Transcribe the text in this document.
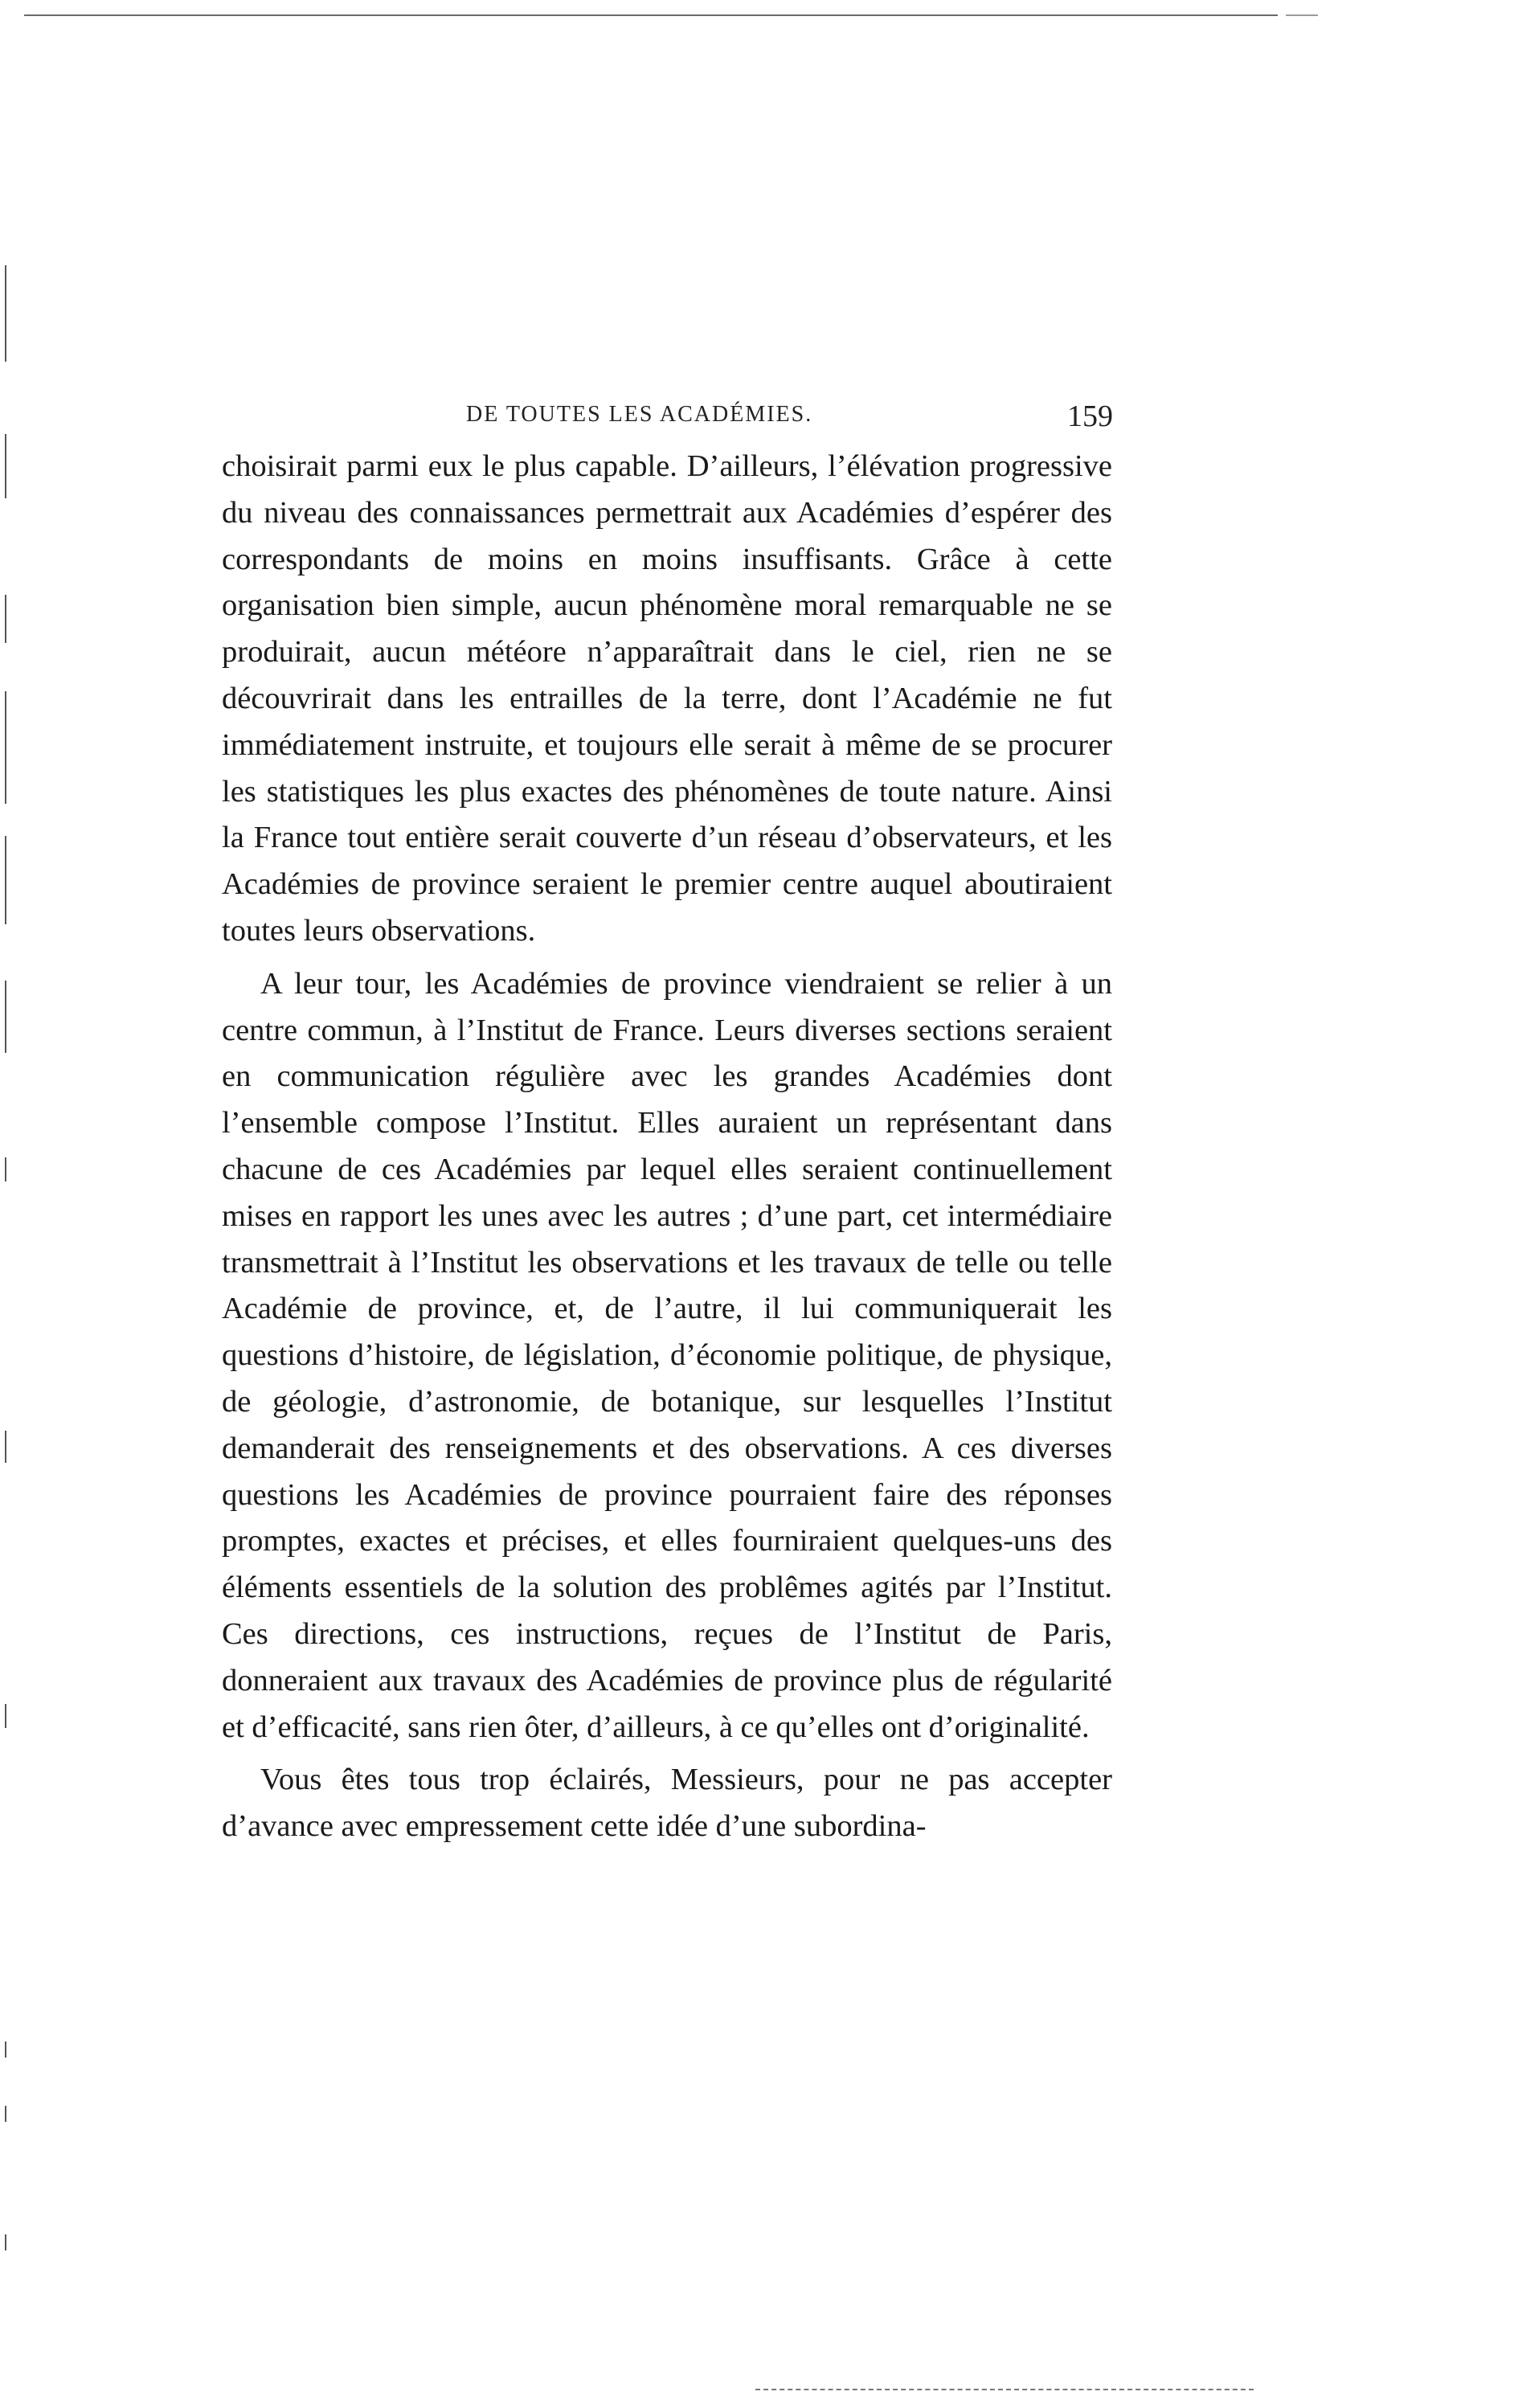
DE TOUTES LES ACADÉMIES.	159

choisirait parmi eux le plus capable. D’ailleurs, l’élévation progressive du niveau des connaissances permettrait aux Académies d’espérer des correspondants de moins en moins insuffisants. Grâce à cette organisation bien simple, aucun phénomène moral remarquable ne se produirait, aucun météore n’apparaîtrait dans le ciel, rien ne se découvrirait dans les entrailles de la terre, dont l’Académie ne fut immédiatement instruite, et toujours elle serait à même de se procurer les statistiques les plus exactes des phénomènes de toute nature. Ainsi la France tout entière serait couverte d’un réseau d’observateurs, et les Académies de province seraient le premier centre auquel aboutiraient toutes leurs observations.

A leur tour, les Académies de province viendraient se relier à un centre commun, à l’Institut de France. Leurs diverses sections seraient en communication régulière avec les grandes Académies dont l’ensemble compose l’Institut. Elles auraient un représentant dans chacune de ces Académies par lequel elles seraient continuellement mises en rapport les unes avec les autres ; d’une part, cet intermédiaire transmettrait à l’Institut les observations et les travaux de telle ou telle Académie de province, et, de l’autre, il lui communiquerait les questions d’histoire, de législation, d’économie politique, de physique, de géologie, d’astronomie, de botanique, sur lesquelles l’Institut demanderait des renseignements et des observations. A ces diverses questions les Académies de province pourraient faire des réponses promptes, exactes et précises, et elles fourniraient quelques-uns des éléments essentiels de la solution des problêmes agités par l’Institut. Ces directions, ces instructions, reçues de l’Institut de Paris, donneraient aux travaux des Académies de province plus de régularité et d’efficacité, sans rien ôter, d’ailleurs, à ce qu’elles ont d’originalité.

Vous êtes tous trop éclairés, Messieurs, pour ne pas accepter d’avance avec empressement cette idée d’une subordina-
